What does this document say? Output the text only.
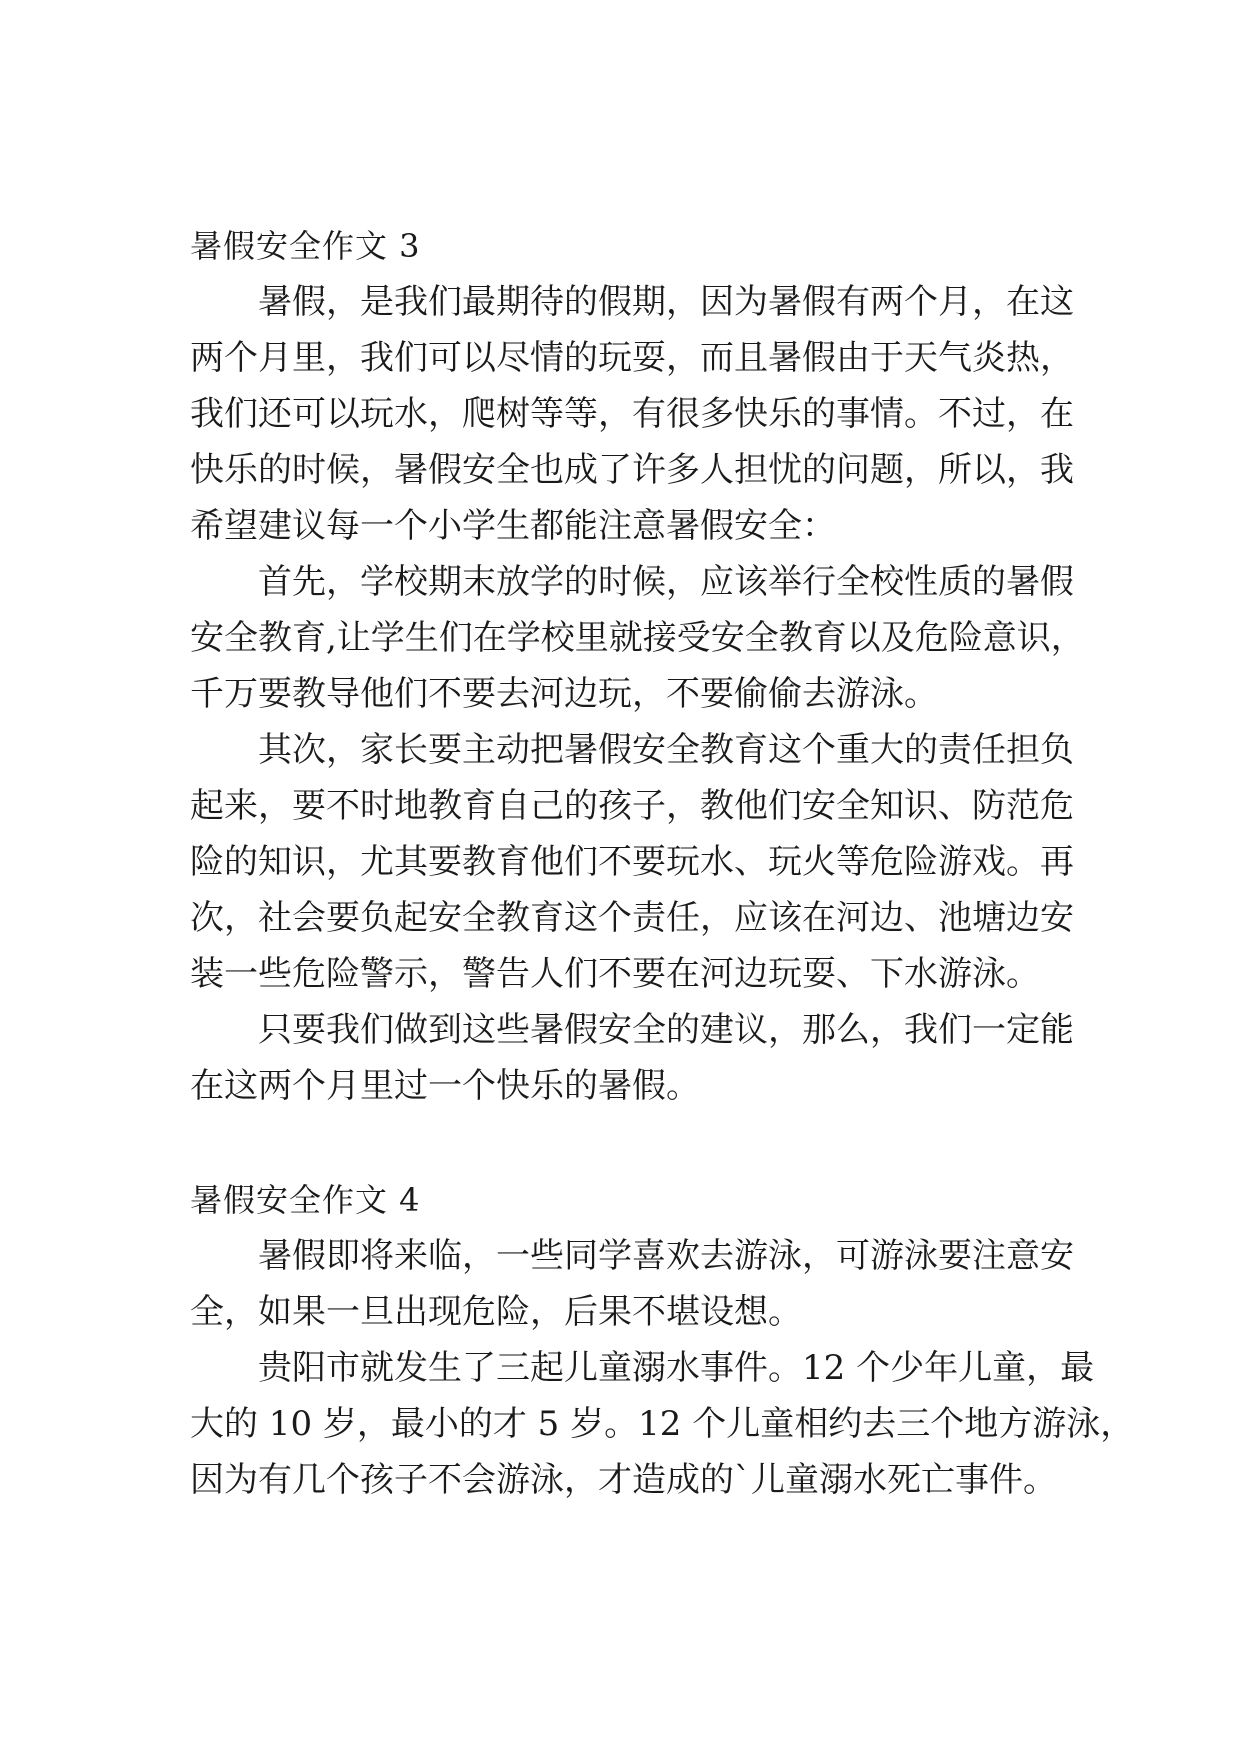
暑假安全作文 3

暑假，是我们最期待的假期，因为暑假有两个月，在这

两个月里，我们可以尽情的玩耍，而且暑假由于天气炎热，

我们还可以玩水，爬树等等，有很多快乐的事情。不过，在

快乐的时候，暑假安全也成了许多人担忧的问题，所以，我

希望建议每一个小学生都能注意暑假安全：

首先，学校期末放学的时候，应该举行全校性质的暑假

安全教育,让学生们在学校里就接受安全教育以及危险意识，

千万要教导他们不要去河边玩，不要偷偷去游泳。

其次，家长要主动把暑假安全教育这个重大的责任担负

起来，要不时地教育自己的孩子，教他们安全知识、防范危

险的知识，尤其要教育他们不要玩水、玩火等危险游戏。再

次，社会要负起安全教育这个责任，应该在河边、池塘边安

装一些危险警示，警告人们不要在河边玩耍、下水游泳。

只要我们做到这些暑假安全的建议，那么，我们一定能

在这两个月里过一个快乐的暑假。

暑假安全作文 4

暑假即将来临，一些同学喜欢去游泳，可游泳要注意安

全，如果一旦出现危险，后果不堪设想。

贵阳市就发生了三起儿童溺水事件。12 个少年儿童，最

大的 10 岁，最小的才 5 岁。12 个儿童相约去三个地方游泳，

因为有几个孩子不会游泳，才造成的`儿童溺水死亡事件。
